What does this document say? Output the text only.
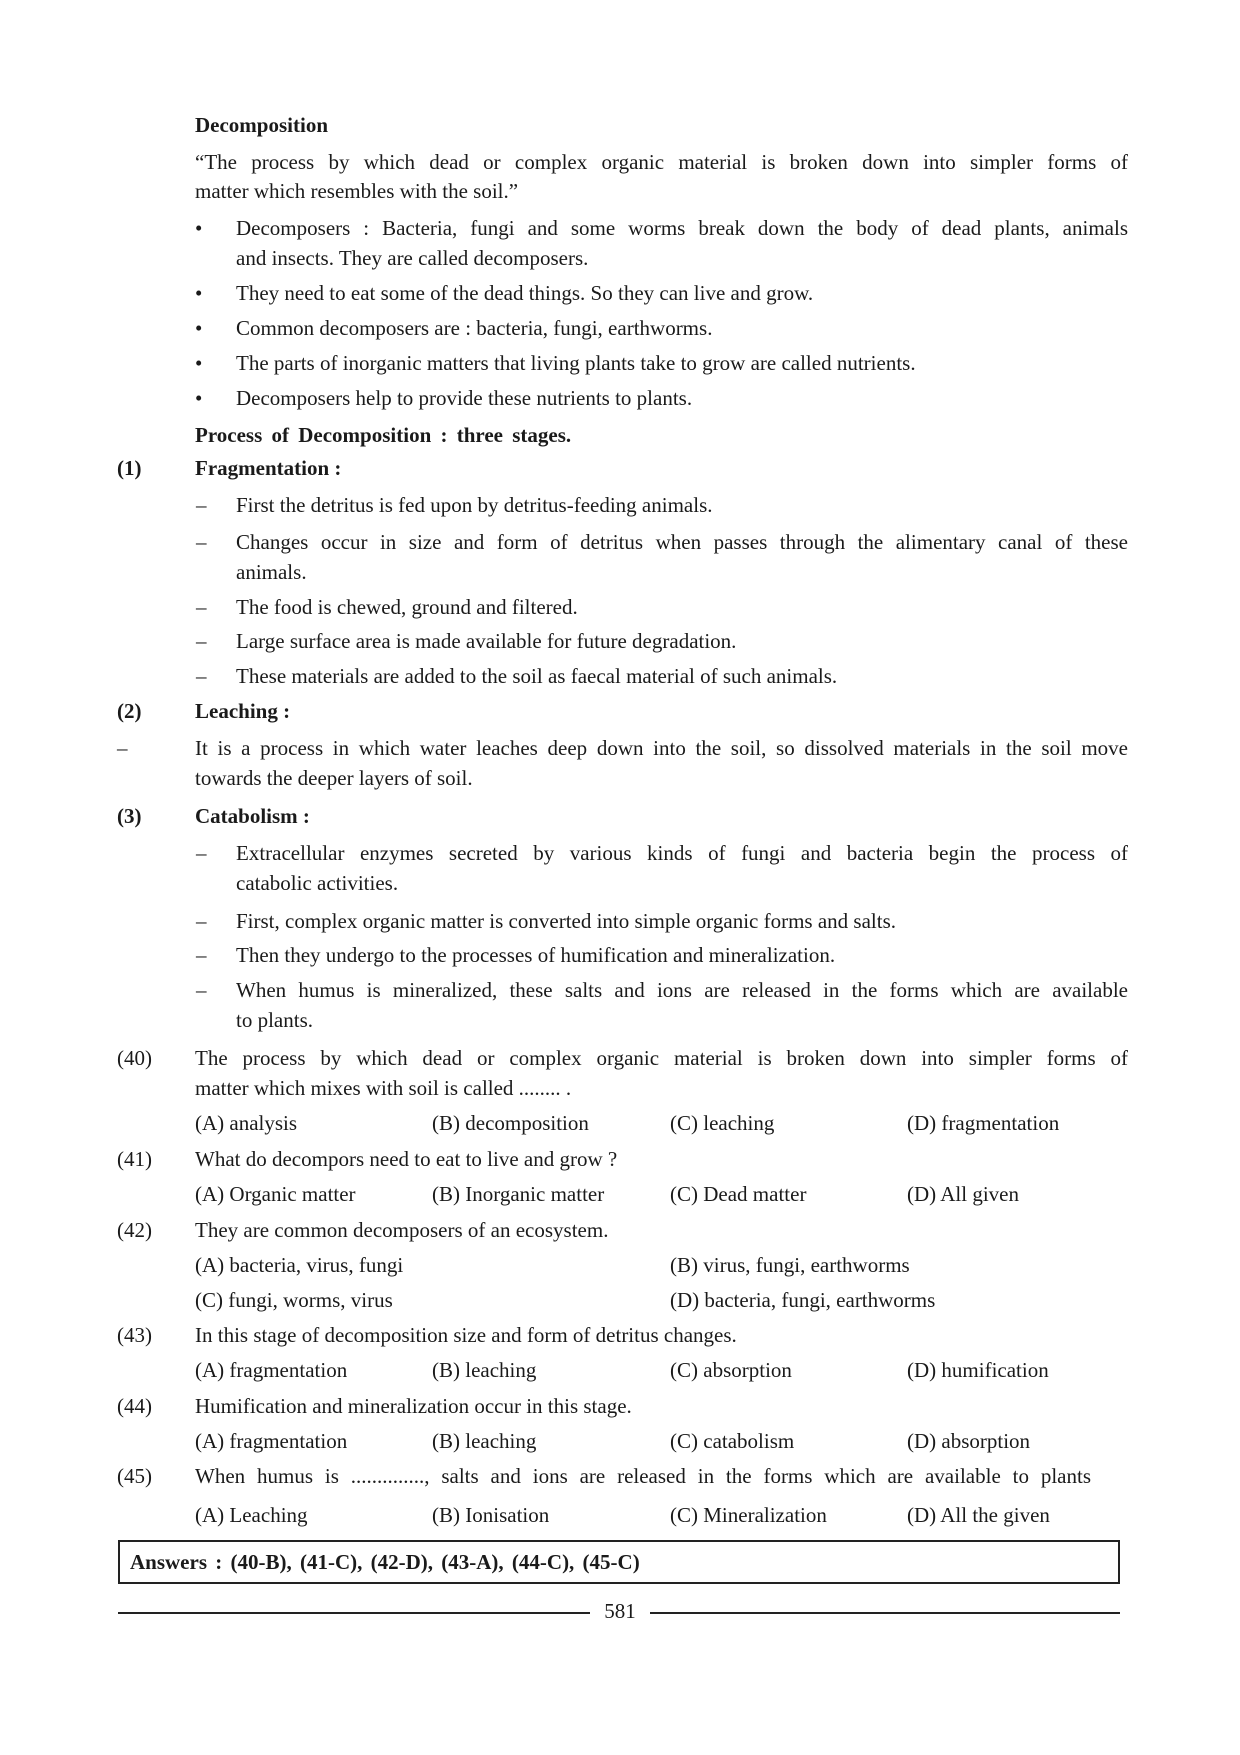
Decomposition
“The process by which dead or complex organic material is broken down into simpler forms of
matter which resembles with the soil.”
• Decomposers : Bacteria, fungi and some worms break down the body of dead plants, animals
and insects. They are called decomposers.
• They need to eat some of the dead things. So they can live and grow.
• Common decomposers are : bacteria, fungi, earthworms.
• The parts of inorganic matters that living plants take to grow are called nutrients.
• Decomposers help to provide these nutrients to plants.
Process of Decomposition : three stages.
(1)	Fragmentation :
– First the detritus is fed upon by detritus-feeding animals.
– Changes occur in size and form of detritus when passes through the alimentary canal of these
animals.
– The food is chewed, ground and filtered.
– Large surface area is made available for future degradation.
– These materials are added to the soil as faecal material of such animals.
(2)	Leaching :
–	It is a process in which water leaches deep down into the soil, so dissolved materials in the soil move
towards the deeper layers of soil.
(3)	Catabolism :
– Extracellular enzymes secreted by various kinds of fungi and bacteria begin the process of
catabolic activities.
– First, complex organic matter is converted into simple organic forms and salts.
– Then they undergo to the processes of humification and mineralization.
– When humus is mineralized, these salts and ions are released in the forms which are available
to plants.
(40) The process by which dead or complex organic material is broken down into simpler forms of
matter which mixes with soil is called ........ .
(A) analysis	(B) decomposition	(C) leaching	(D) fragmentation
(41) What do decompors need to eat to live and grow ?
(A) Organic matter	(B) Inorganic matter	(C) Dead matter	(D) All given
(42) They are common decomposers of an ecosystem.
(A) bacteria, virus, fungi	(B) virus, fungi, earthworms
(C) fungi, worms, virus	(D) bacteria, fungi, earthworms
(43) In this stage of decomposition size and form of detritus changes.
(A) fragmentation	(B) leaching	(C) absorption	(D) humification
(44) Humification and mineralization occur in this stage.
(A) fragmentation	(B) leaching	(C) catabolism	(D) absorption
(45) When humus is .............., salts and ions are released in the forms which are available to plants
(A) Leaching	(B) Ionisation	(C) Mineralization	(D) All the given
Answers : (40-B), (41-C), (42-D), (43-A), (44-C), (45-C)
581
